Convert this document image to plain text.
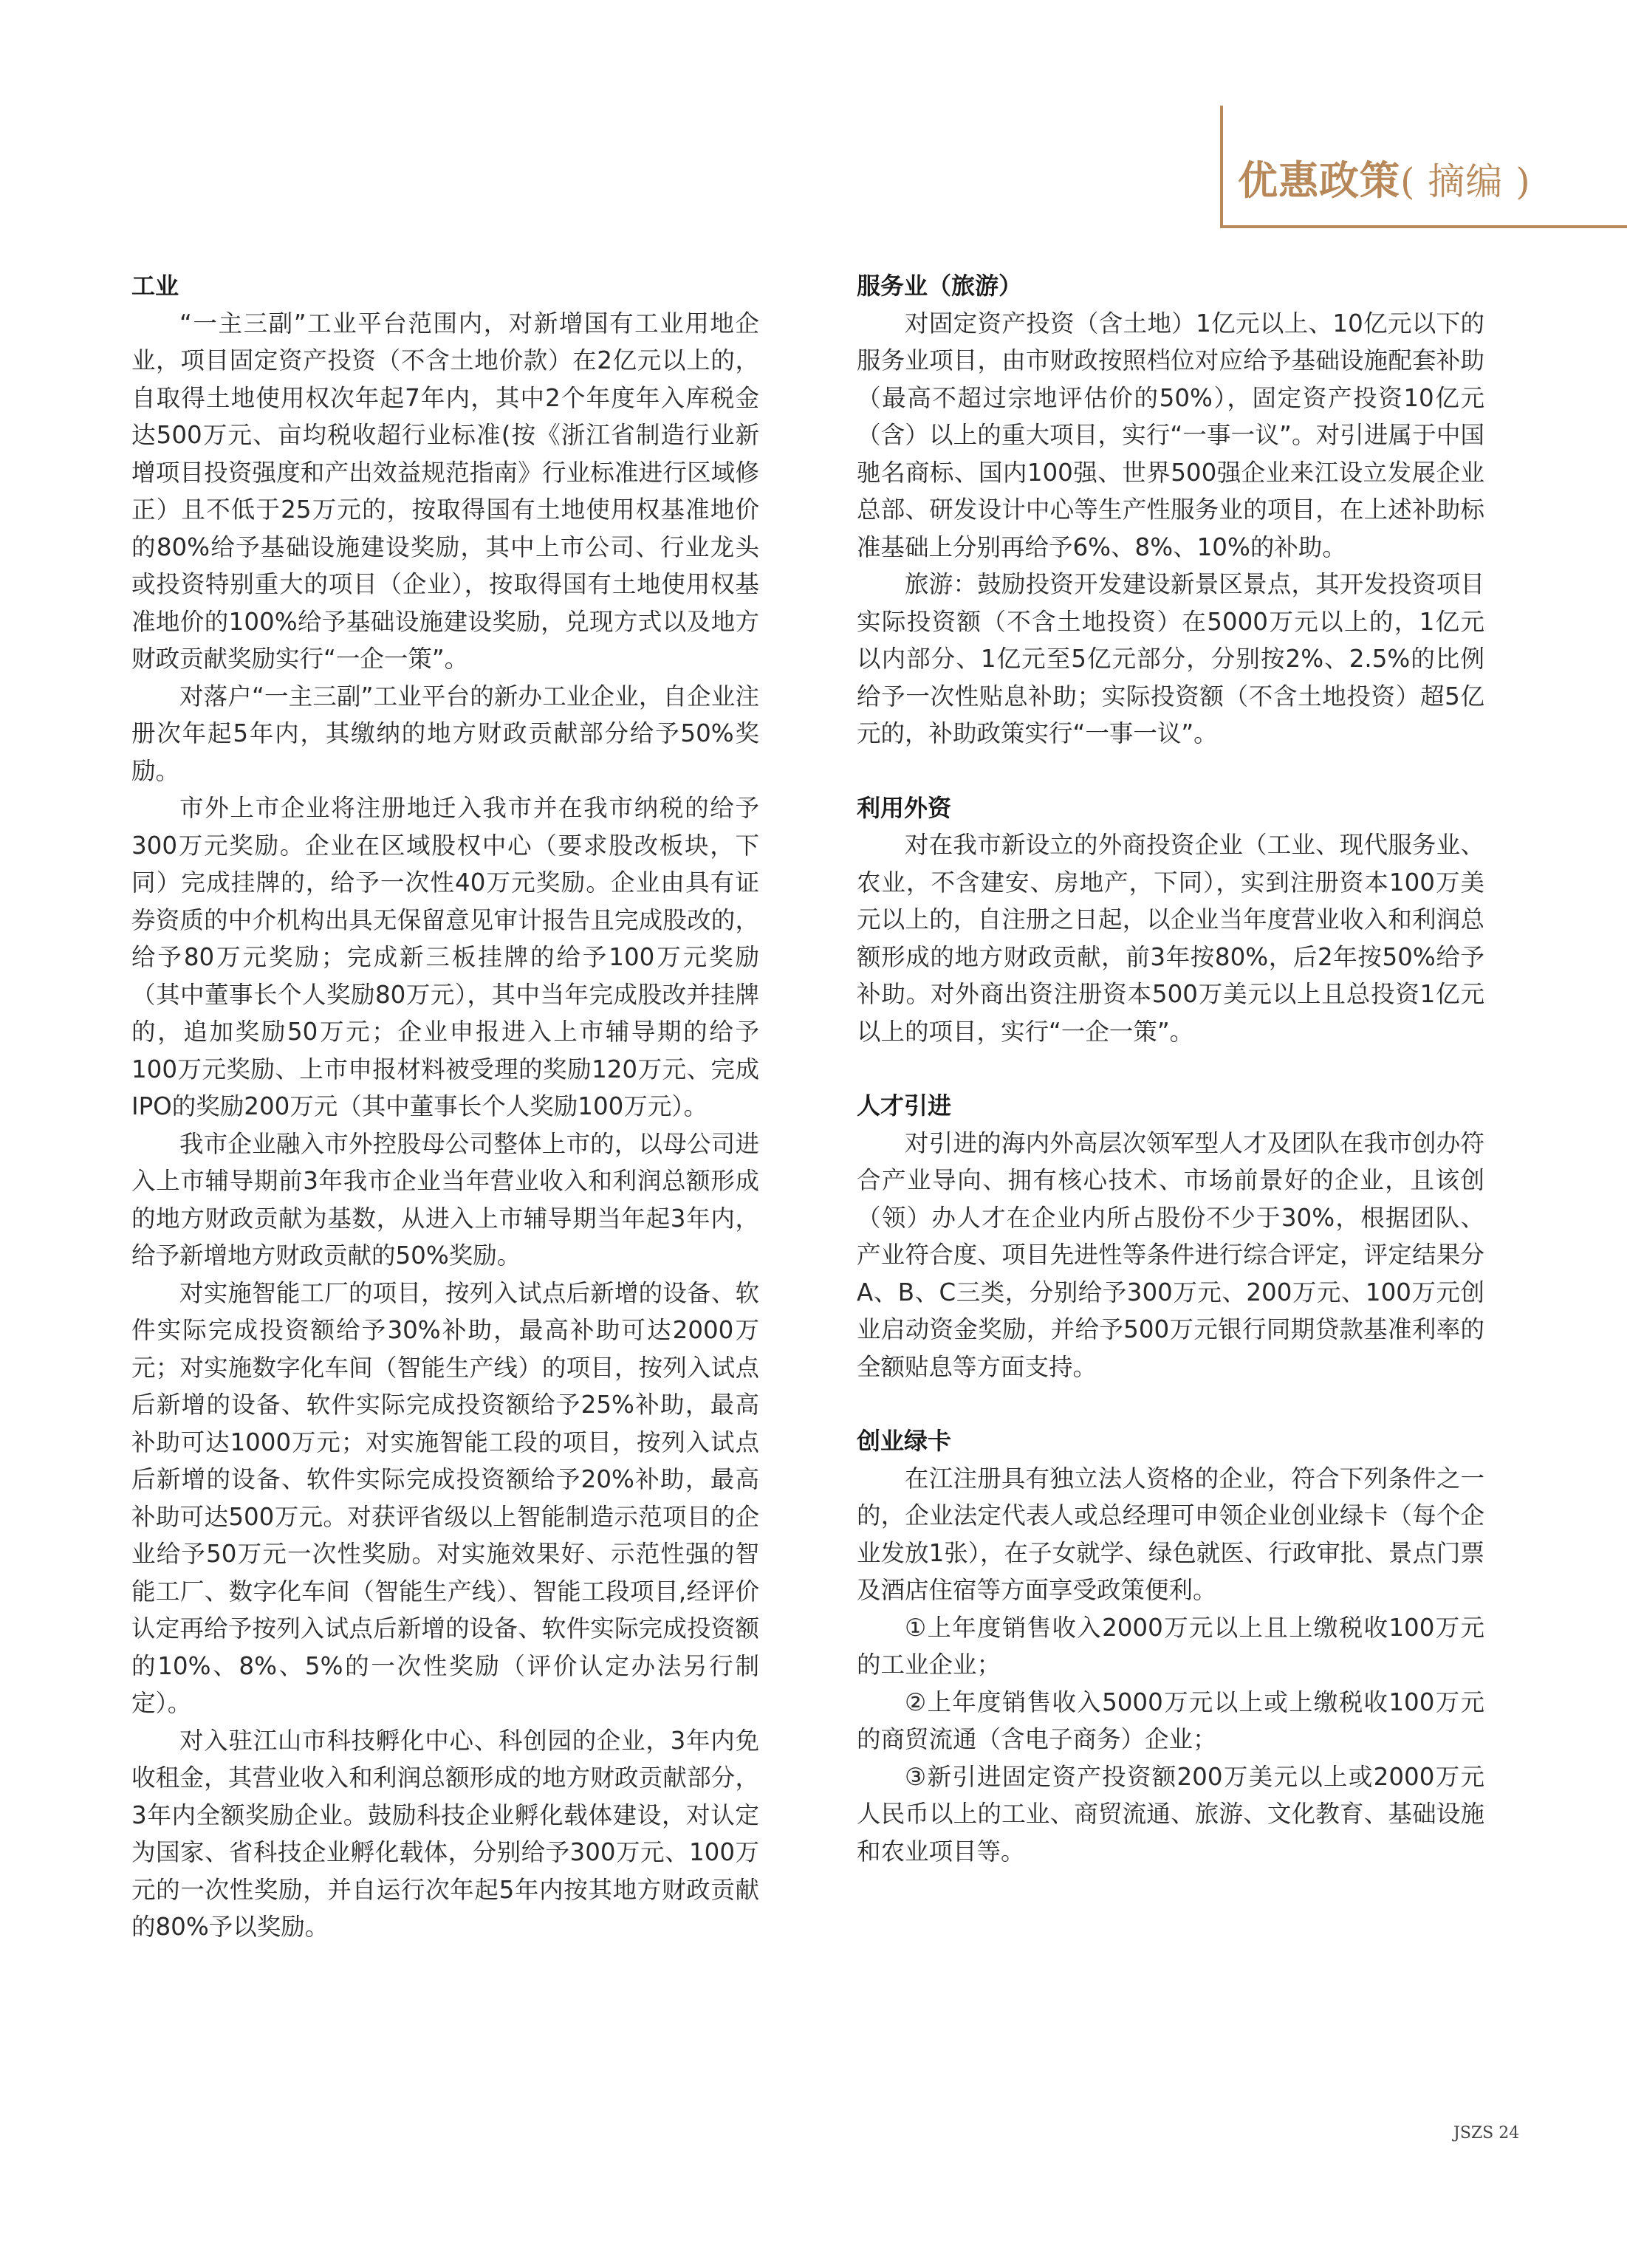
优惠政策( 摘编 )

工业

“一主三副”工业平台范围内，对新增国有工业用地企业，项目固定资产投资（不含土地价款）在2亿元以上的，自取得土地使用权次年起7年内，其中2个年度年入库税金达500万元、亩均税收超行业标准(按《浙江省制造行业新增项目投资强度和产出效益规范指南》行业标准进行区域修正）且不低于25万元的，按取得国有土地使用权基准地价的80%给予基础设施建设奖励，其中上市公司、行业龙头或投资特别重大的项目（企业），按取得国有土地使用权基准地价的100%给予基础设施建设奖励，兑现方式以及地方财政贡献奖励实行“一企一策”。

对落户“一主三副”工业平台的新办工业企业，自企业注册次年起5年内，其缴纳的地方财政贡献部分给予50%奖励。

市外上市企业将注册地迁入我市并在我市纳税的给予300万元奖励。企业在区域股权中心（要求股改板块，下同）完成挂牌的，给予一次性40万元奖励。企业由具有证券资质的中介机构出具无保留意见审计报告且完成股改的，给予80万元奖励；完成新三板挂牌的给予100万元奖励（其中董事长个人奖励80万元），其中当年完成股改并挂牌的，追加奖励50万元；企业申报进入上市辅导期的给予100万元奖励、上市申报材料被受理的奖励120万元、完成IPO的奖励200万元（其中董事长个人奖励100万元）。

我市企业融入市外控股母公司整体上市的，以母公司进入上市辅导期前3年我市企业当年营业收入和利润总额形成的地方财政贡献为基数，从进入上市辅导期当年起3年内，给予新增地方财政贡献的50%奖励。

对实施智能工厂的项目，按列入试点后新增的设备、软件实际完成投资额给予30%补助，最高补助可达2000万元；对实施数字化车间（智能生产线）的项目，按列入试点后新增的设备、软件实际完成投资额给予25%补助，最高补助可达1000万元；对实施智能工段的项目，按列入试点后新增的设备、软件实际完成投资额给予20%补助，最高补助可达500万元。对获评省级以上智能制造示范项目的企业给予50万元一次性奖励。对实施效果好、示范性强的智能工厂、数字化车间（智能生产线）、智能工段项目,经评价认定再给予按列入试点后新增的设备、软件实际完成投资额的10%、8%、5%的一次性奖励（评价认定办法另行制定）。

对入驻江山市科技孵化中心、科创园的企业，3年内免收租金，其营业收入和利润总额形成的地方财政贡献部分，3年内全额奖励企业。鼓励科技企业孵化载体建设，对认定为国家、省科技企业孵化载体，分别给予300万元、100万元的一次性奖励，并自运行次年起5年内按其地方财政贡献的80%予以奖励。

服务业（旅游）

对固定资产投资（含土地）1亿元以上、10亿元以下的服务业项目，由市财政按照档位对应给予基础设施配套补助（最高不超过宗地评估价的50%），固定资产投资10亿元（含）以上的重大项目，实行“一事一议”。对引进属于中国驰名商标、国内100强、世界500强企业来江设立发展企业总部、研发设计中心等生产性服务业的项目，在上述补助标准基础上分别再给予6%、8%、10%的补助。

旅游：鼓励投资开发建设新景区景点，其开发投资项目实际投资额（不含土地投资）在5000万元以上的，1亿元以内部分、1亿元至5亿元部分，分别按2%、2.5%的比例给予一次性贴息补助；实际投资额（不含土地投资）超5亿元的，补助政策实行“一事一议”。

利用外资

对在我市新设立的外商投资企业（工业、现代服务业、农业，不含建安、房地产，下同），实到注册资本100万美元以上的，自注册之日起，以企业当年度营业收入和利润总额形成的地方财政贡献，前3年按80%，后2年按50%给予补助。对外商出资注册资本500万美元以上且总投资1亿元以上的项目，实行“一企一策”。

人才引进

对引进的海内外高层次领军型人才及团队在我市创办符合产业导向、拥有核心技术、市场前景好的企业，且该创（领）办人才在企业内所占股份不少于30%，根据团队、产业符合度、项目先进性等条件进行综合评定，评定结果分A、B、C三类，分别给予300万元、200万元、100万元创业启动资金奖励，并给予500万元银行同期贷款基准利率的全额贴息等方面支持。

创业绿卡

在江注册具有独立法人资格的企业，符合下列条件之一的，企业法定代表人或总经理可申领企业创业绿卡（每个企业发放1张），在子女就学、绿色就医、行政审批、景点门票及酒店住宿等方面享受政策便利。

①上年度销售收入2000万元以上且上缴税收100万元的工业企业；

②上年度销售收入5000万元以上或上缴税收100万元的商贸流通（含电子商务）企业；

③新引进固定资产投资额200万美元以上或2000万元人民币以上的工业、商贸流通、旅游、文化教育、基础设施和农业项目等。

JSZS 24
